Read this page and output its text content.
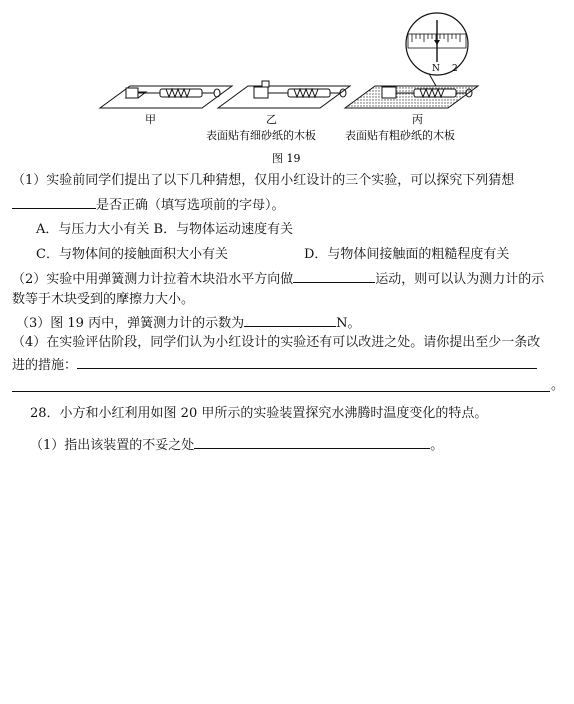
N 2
甲	乙	丙
表面贴有细砂纸的木板	表面贴有粗砂纸的木板
图 19
（1）实验前同学们提出了以下几种猜想，仅用小红设计的三个实验，可以探究下列猜想
是否正确（填写选项前的字母）。
A．与压力大小有关 B．与物体运动速度有关
C．与物体间的接触面积大小有关	D．与物体间接触面的粗糙程度有关
（2）实验中用弹簧测力计拉着木块沿水平方向做	运动，则可以认为测力计的示
数等于木块受到的摩擦力大小。
（3）图 19 丙中，弹簧测力计的示数为	N。
（4）在实验评估阶段，同学们认为小红设计的实验还有可以改进之处。请你提出至少一条改
进的措施：
。
28．小方和小红利用如图 20 甲所示的实验装置探究水沸腾时温度变化的特点。
（1）指出该装置的不妥之处	。
